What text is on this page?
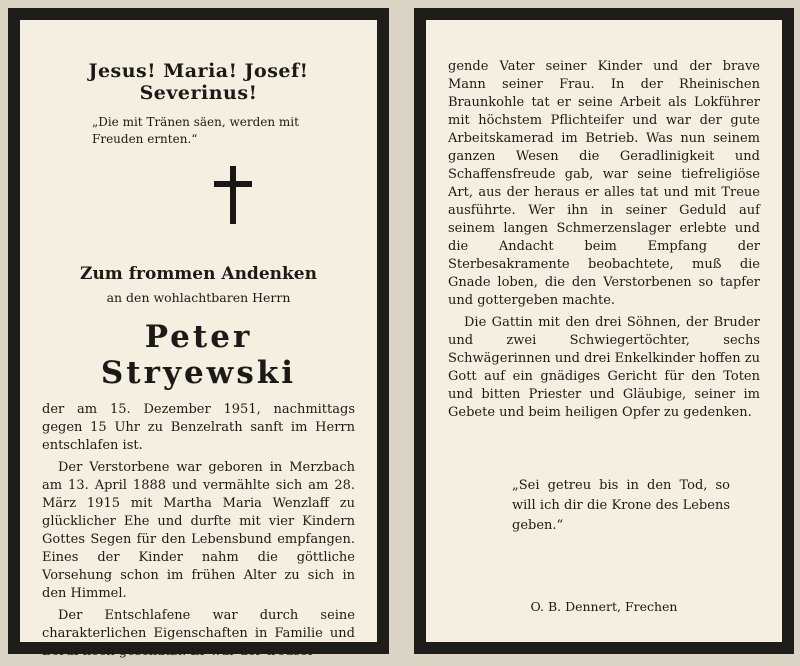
Jesus! Maria! Josef! Severinus!
„Die mit Tränen säen, werden mit Freuden ernten.“
Zum frommen Andenken
an den wohlachtbaren Herrn
Peter Stryewski

der am 15. Dezember 1951, nachmittags gegen 15 Uhr zu Benzelrath sanft im Herrn entschlafen ist.

Der Verstorbene war geboren in Merzbach am 13. April 1888 und vermählte sich am 28. März 1915 mit Martha Maria Wenzlaff zu glücklicher Ehe und durfte mit vier Kindern Gottes Segen für den Lebensbund empfangen. Eines der Kinder nahm die göttliche Vorsehung schon im frühen Alter zu sich in den Himmel.

Der Entschlafene war durch seine charakterlichen Eigenschaften in Familie und Beruf hoch geschätzt. Er war der treusor-

gende Vater seiner Kinder und der brave Mann seiner Frau. In der Rheinischen Braunkohle tat er seine Arbeit als Lokführer mit höchstem Pflichteifer und war der gute Arbeitskamerad im Betrieb. Was nun seinem ganzen Wesen die Geradlinigkeit und Schaffensfreude gab, war seine tiefreligiöse Art, aus der heraus er alles tat und mit Treue ausführte. Wer ihn in seiner Geduld auf seinem langen Schmerzenslager erlebte und die Andacht beim Empfang der Sterbesakramente beobachtete, muß die Gnade loben, die den Verstorbenen so tapfer und gottergeben machte.

Die Gattin mit den drei Söhnen, der Bruder und zwei Schwiegertöchter, sechs Schwägerinnen und drei Enkelkinder hoffen zu Gott auf ein gnädiges Gericht für den Toten und bitten Priester und Gläubige, seiner im Gebete und beim heiligen Opfer zu gedenken.

„Sei getreu bis in den Tod, so will ich dir die Krone des Lebens geben.“
O. B. Dennert, Frechen
